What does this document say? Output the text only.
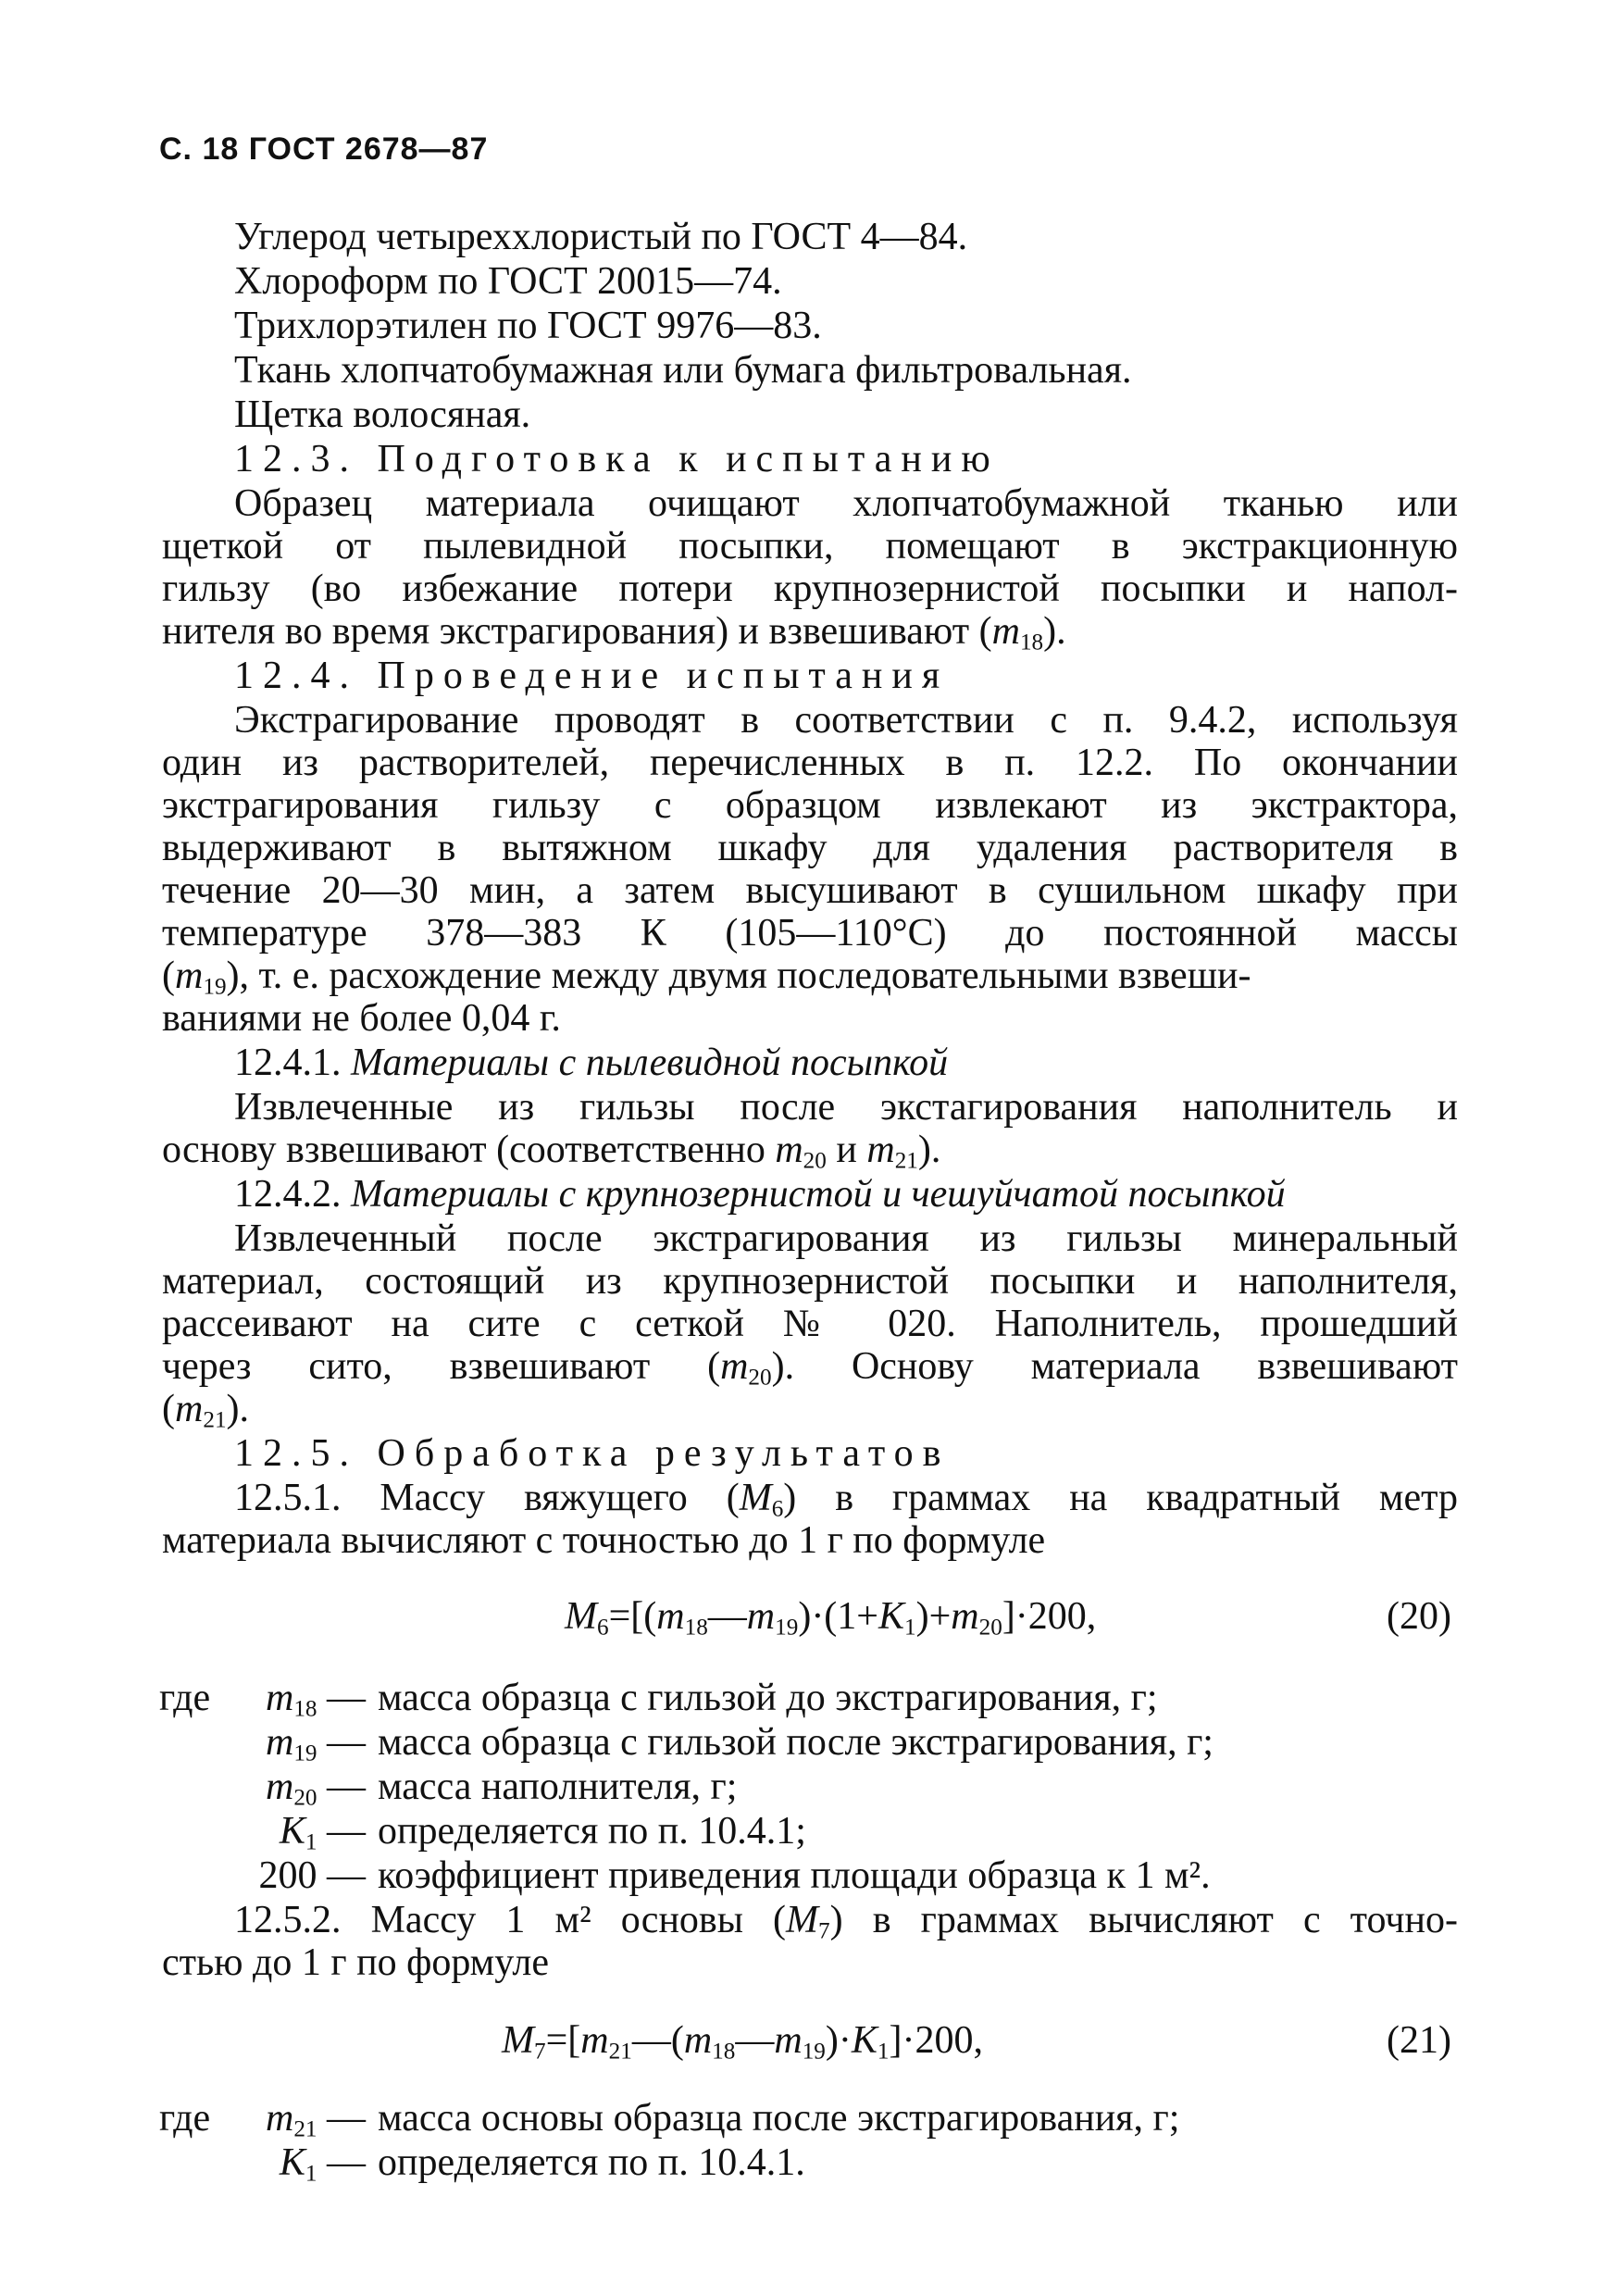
С. 18 ГОСТ 2678—87
Углерод четыреххлористый по ГОСТ 4—84.
Хлороформ по ГОСТ 20015—74.
Трихлорэтилен по ГОСТ 9976—83.
Ткань хлопчатобумажная или бумага фильтровальная.
Щетка волосяная.
12.3. Подготовка к испытанию
Образец материала очищают хлопчатобумажной тканью или
щеткой от пылевидной посыпки, помещают в экстракционную
гильзу (во избежание потери крупнозернистой посыпки и напол-
нителя во время экстрагирования) и взвешивают $(m_{18})$.
12.4. Проведение испытания
Экстрагирование проводят в соответствии с п. 9.4.2, используя
один из растворителей, перечисленных в п. 12.2. По окончании
экстрагирования гильзу с образцом извлекают из экстрактора,
выдерживают в вытяжном шкафу для удаления растворителя в
течение 20—30 мин, а затем высушивают в сушильном шкафу при
температуре 378—383 К (105—110°С) до постоянной массы
$(m_{19})$, т. е. расхождение между двумя последовательными взвеши-
ваниями не более 0,04 г.
12.4.1. Материалы с пылевидной посыпкой
Извлеченные из гильзы после экстагирования наполнитель и
основу взвешивают (соответственно $m_{20}$ и $m_{21}$).
12.4.2. Материалы с крупнозернистой и чешуйчатой посыпкой
Извлеченный после экстрагирования из гильзы минеральный
материал, состоящий из крупнозернистой посыпки и наполнителя,
рассеивают на сите с сеткой № 020. Наполнитель, прошедший
через сито, взвешивают $(m_{20})$. Основу материала взвешивают
$(m_{21})$.
12.5. Обработка результатов
12.5.1. Массу вяжущего $(M_6)$ в граммах на квадратный метр
материала вычисляют с точностью до 1 г по формуле
$M_6=[(m_{18}—m_{19})\cdot(1+K_1)+m_{20}]\cdot 200$,	(20)
где	$m_{18}$ — масса образца с гильзой до экстрагирования, г;
$m_{19}$ — масса образца с гильзой после экстрагирования, г;
$m_{20}$ — масса наполнителя, г;
$K_1$ — определяется по п. 10.4.1;
200 — коэффициент приведения площади образца к 1 м².
12.5.2. Массу 1 м² основы $(M_7)$ в граммах вычисляют с точно-
стью до 1 г по формуле
$M_7=[m_{21}—(m_{18}—m_{19})\cdot K_1]\cdot 200$,	(21)
где	$m_{21}$ — масса основы образца после экстрагирования, г;
$K_1$ — определяется по п. 10.4.1.
